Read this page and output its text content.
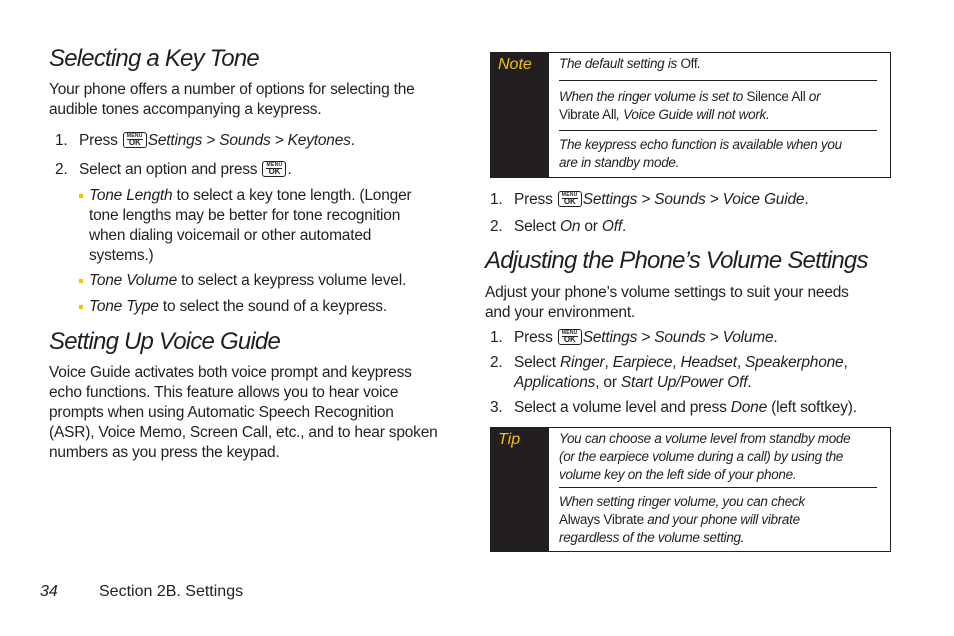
Selecting a Key Tone
Your phone offers a number of options for selecting the
audible tones accompanying a keypress.
1. Press	MENU
OK Settings > Sounds > Keytones.
2. Select an option and press	MENU
OK .
Tone Length to select a key tone length. (Longer
tone lengths may be better for tone recognition
when dialing voicemail or other automated
systems.)
Tone Volume to select a keypress volume level.
Tone Type to select the sound of a keypress.
Setting Up Voice Guide
Voice Guide activates both voice prompt and keypress
echo functions. This feature allows you to hear voice
prompts when using Automatic Speech Recognition
(ASR), Voice Memo, Screen Call, etc., and to hear spoken
numbers as you press the keypad.
Note The default setting is Off.
When the ringer volume is set to Silence All or
Vibrate All, Voice Guide will not work.
The keypress echo function is available when you
are in standby mode.
1. Press	MENU
OK Settings > Sounds > Voice Guide.
2. Select On or Off.
Adjusting the Phone’s Volume Settings
Adjust your phone’s volume settings to suit your needs
and your environment.
1. Press	MENU
OK Settings > Sounds > Volume.
2. Select Ringer, Earpiece, Headset, Speakerphone,
Applications, or Start Up/Power Off.
3. Select a volume level and press Done (left softkey).
Tip	You can choose a volume level from standby mode
(or the earpiece volume during a call) by using the
volume key on the left side of your phone.
When setting ringer volume, you can check
Always Vibrate and your phone will vibrate
regardless of the volume setting.
34	Section 2B. Settings
